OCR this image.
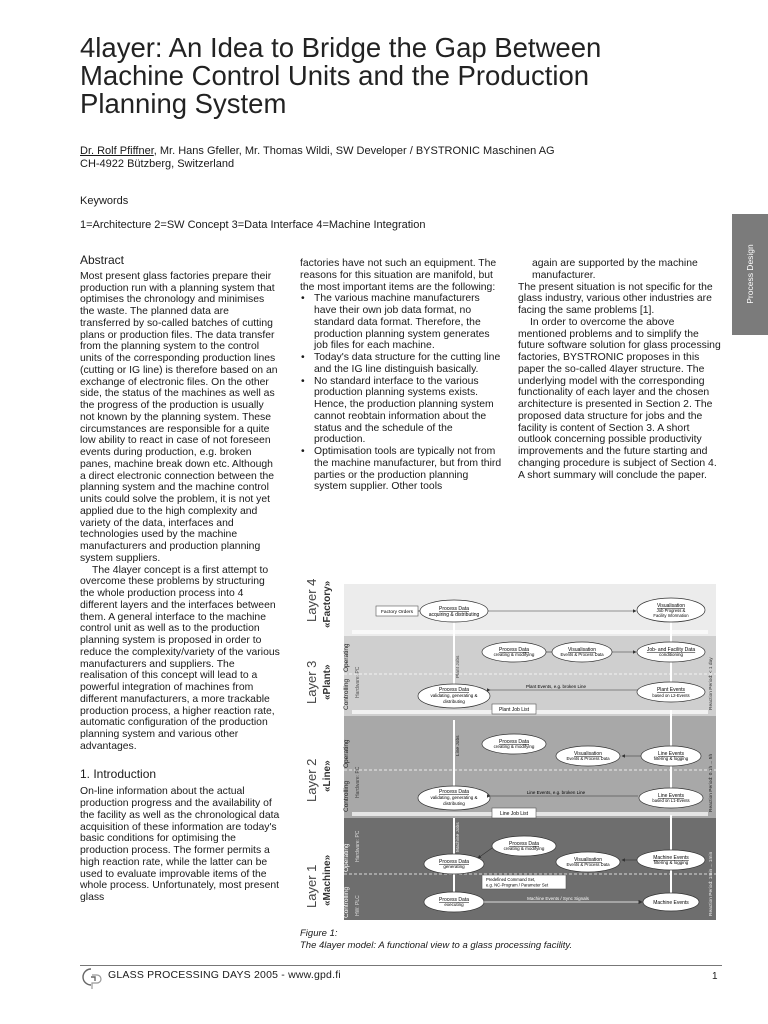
4layer: An Idea to Bridge the Gap Between
Machine Control Units and the Production
Planning System
Dr. Rolf Pfiffner, Mr. Hans Gfeller, Mr. Thomas Wildi, SW Developer / BYSTRONIC Maschinen AG
CH-4922 Bützberg, Switzerland
Keywords
1=Architecture 2=SW Concept 3=Data Interface 4=Machine Integration
Process Design
Abstract

Most present glass factories prepare their production run with a planning system that optimises the chronology and minimises the waste. The planned data are transferred by so-called batches of cutting plans or production files. The data transfer from the planning system to the control units of the corresponding production lines (cutting or IG line) is therefore based on an exchange of electronic files. On the other side, the status of the machines as well as the progress of the production is usually not known by the planning system. These circumstances are responsible for a quite low ability to react in case of not foreseen events during production, e.g. broken panes, machine break down etc. Although a direct electronic connection between the planning system and the machine control units could solve the problem, it is not yet applied due to the high complexity and variety of the data, interfaces and technologies used by the machine manufacturers and production planning system suppliers.

The 4layer concept is a first attempt to overcome these problems by structuring the whole production process into 4 different layers and the interfaces between them. A general interface to the machine control unit as well as to the production planning system is proposed in order to reduce the complexity/variety of the various manufacturers and suppliers. The realisation of this concept will lead to a powerful integration of machines from different manufacturers, a more trackable production process, a higher reaction rate, automatic configuration of the production planning system and various other advantages.

1. Introduction

On-line information about the actual production progress and the availability of the facility as well as the chronological data acquisition of these information are today's basic conditions for optimising the production process. The former permits a high reaction rate, while the latter can be used to evaluate improvable items of the whole process. Unfortunately, most present glass

factories have not such an equipment. The reasons for this situation are manifold, but the most important items are the following:

• The various machine manufacturers have their own job data format, no standard data format. Therefore, the production planning system generates job files for each machine.
• Today's data structure for the cutting line and the IG line distinguish basically.
• No standard interface to the various production planning systems exists. Hence, the production planning system cannot reobtain information about the status and the schedule of the production.
• Optimisation tools are typically not from the machine manufacturer, but from third parties or the production planning system supplier. Other tools

again are supported by the machine manufacturer.

The present situation is not specific for the glass industry, various other industries are facing the same problems [1].

In order to overcome the above mentioned problems and to simplify the future software solution for glass processing factories, BYSTRONIC proposes in this paper the so-called 4layer structure. The underlying model with the corresponding functionality of each layer and the chosen architecture is presented in Section 2. The proposed data structure for jobs and the facility is content of Section 3. A short outlook concerning possible productivity improvements and the future starting and changing procedure is subject of Section 4. A short summary will conclude the paper.

Layer 4 «Factory»
Layer 3 «Plant»
Layer 2 «Line»
Layer 1 «Machine»
Operating
Controlling
Operating
Controlling
Operating
Controlling
Hardware: PC
Hardware: PC
Hardware: PC
HW: PLC
Reaction Period: < 1 day
Reaction Period: 0.1h ... 5h
Reaction Period: 1min ... 1min
Plant Jobs
Line Jobs
Machine Jobs
Factory Orders
Process Data
acquiring & distributing
Visualisation
Job Progress &
Facility Information
Process Data
creating & modifying
Visualisation
Events & Process Data
Job- and Facility Data
conditioning
Process Data
validating, generating &
distributing
Plant Events, e.g. broken Line
Plant Events
based on L2-Events
Plant Job List
Process Data
creating & modifying
Visualisation
Events & Process Data
Line Events
filtering & logging
Process Data
validating, generating &
distributing
Line Events, e.g. broken Line
Line Events
based on L1-Events
Line Job List
Process Data
creating & modifying
Process Data
generating
Visualisation
Events & Process Data
Machine Events
filtering & logging
Predefined Command Set,
e.g. NC-Program / Parameter Set
Process Data
executing
Machine Events / Sync Signals
Machine Events
Figure 1:
The 4layer model: A functional view to a glass processing facility.
GLASS PROCESSING DAYS 2005 - www.gpd.fi	1
